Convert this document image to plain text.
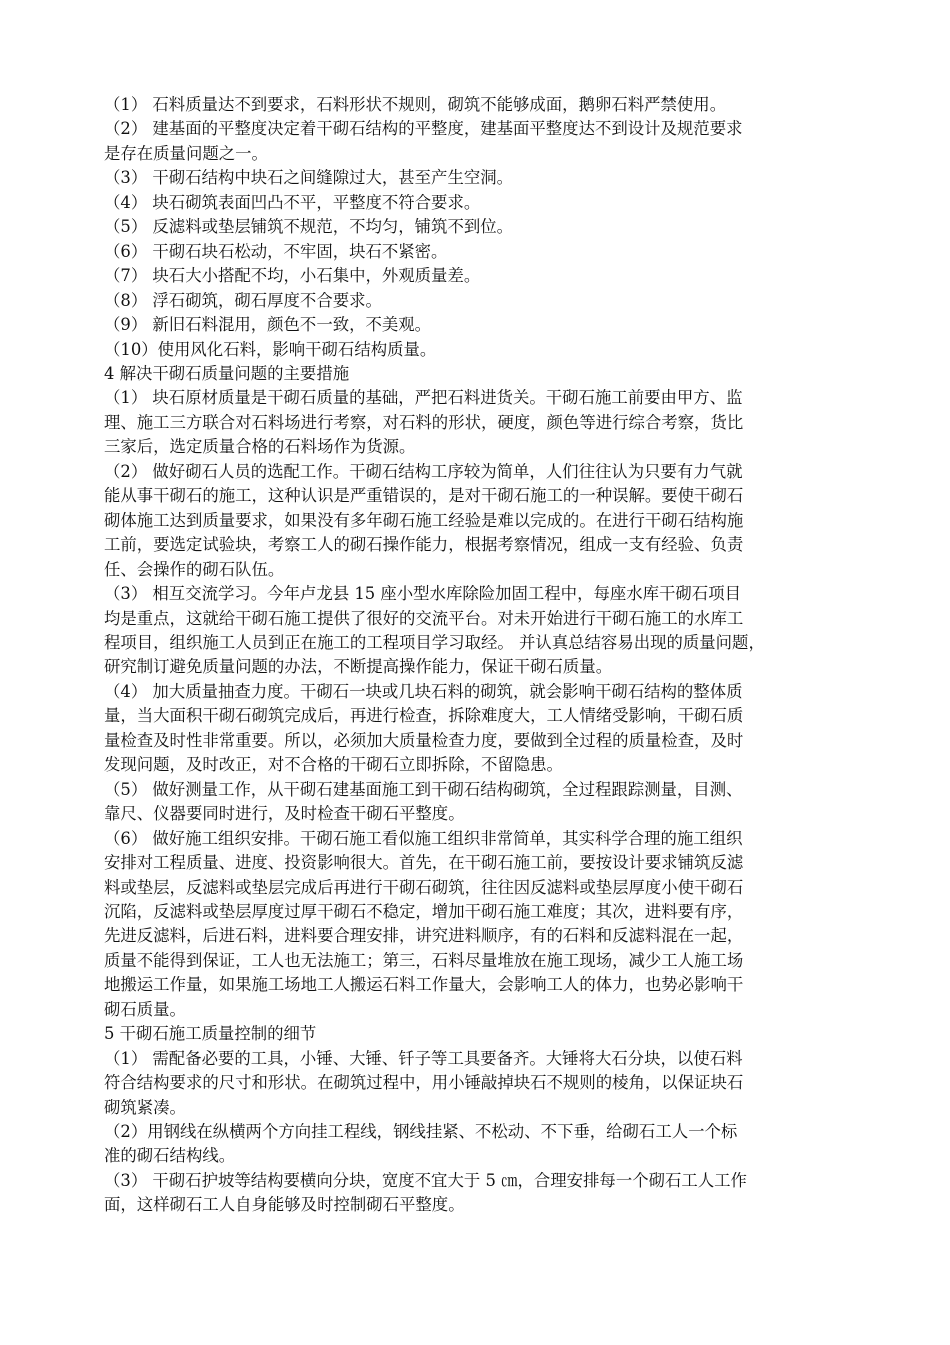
（1） 石料质量达不到要求，石料形状不规则，砌筑不能够成面，鹅卵石料严禁使用。
（2） 建基面的平整度决定着干砌石结构的平整度，建基面平整度达不到设计及规范要求
是存在质量问题之一。
（3） 干砌石结构中块石之间缝隙过大，甚至产生空洞。
（4） 块石砌筑表面凹凸不平，平整度不符合要求。
（5） 反滤料或垫层铺筑不规范，不均匀，铺筑不到位。
（6） 干砌石块石松动，不牢固，块石不紧密。
（7） 块石大小搭配不均，小石集中，外观质量差。
（8） 浮石砌筑，砌石厚度不合要求。
（9） 新旧石料混用，颜色不一致，不美观。
（10）使用风化石料，影响干砌石结构质量。
4 解决干砌石质量问题的主要措施
（1） 块石原材质量是干砌石质量的基础，严把石料进货关。干砌石施工前要由甲方、监
理、施工三方联合对石料场进行考察，对石料的形状，硬度，颜色等进行综合考察，货比
三家后，选定质量合格的石料场作为货源。
（2） 做好砌石人员的选配工作。干砌石结构工序较为简单，人们往往认为只要有力气就
能从事干砌石的施工，这种认识是严重错误的，是对干砌石施工的一种误解。要使干砌石
砌体施工达到质量要求，如果没有多年砌石施工经验是难以完成的。在进行干砌石结构施
工前，要选定试验块，考察工人的砌石操作能力，根据考察情况，组成一支有经验、负责
任、会操作的砌石队伍。
（3） 相互交流学习。今年卢龙县 15 座小型水库除险加固工程中，每座水库干砌石项目
均是重点，这就给干砌石施工提供了很好的交流平台。对未开始进行干砌石施工的水库工
程项目，组织施工人员到正在施工的工程项目学习取经。 并认真总结容易出现的质量问题，
研究制订避免质量问题的办法，不断提高操作能力，保证干砌石质量。
（4） 加大质量抽查力度。干砌石一块或几块石料的砌筑，就会影响干砌石结构的整体质
量，当大面积干砌石砌筑完成后，再进行检查，拆除难度大，工人情绪受影响，干砌石质
量检查及时性非常重要。所以，必须加大质量检查力度，要做到全过程的质量检查，及时
发现问题，及时改正，对不合格的干砌石立即拆除，不留隐患。
（5） 做好测量工作，从干砌石建基面施工到干砌石结构砌筑，全过程跟踪测量，目测、
靠尺、仪器要同时进行，及时检查干砌石平整度。
（6） 做好施工组织安排。干砌石施工看似施工组织非常简单，其实科学合理的施工组织
安排对工程质量、进度、投资影响很大。首先，在干砌石施工前，要按设计要求铺筑反滤
料或垫层，反滤料或垫层完成后再进行干砌石砌筑，往往因反滤料或垫层厚度小使干砌石
沉陷，反滤料或垫层厚度过厚干砌石不稳定，增加干砌石施工难度；其次，进料要有序，
先进反滤料，后进石料，进料要合理安排，讲究进料顺序，有的石料和反滤料混在一起，
质量不能得到保证，工人也无法施工；第三，石料尽量堆放在施工现场，减少工人施工场
地搬运工作量，如果施工场地工人搬运石料工作量大，会影响工人的体力，也势必影响干
砌石质量。
5 干砌石施工质量控制的细节
（1） 需配备必要的工具，小锤、大锤、钎子等工具要备齐。大锤将大石分块，以使石料
符合结构要求的尺寸和形状。在砌筑过程中，用小锤敲掉块石不规则的棱角，以保证块石
砌筑紧凑。
（2）用钢线在纵横两个方向挂工程线，钢线挂紧、不松动、不下垂，给砌石工人一个标
准的砌石结构线。
（3） 干砌石护坡等结构要横向分块，宽度不宜大于 5 ㎝，合理安排每一个砌石工人工作
面，这样砌石工人自身能够及时控制砌石平整度。
